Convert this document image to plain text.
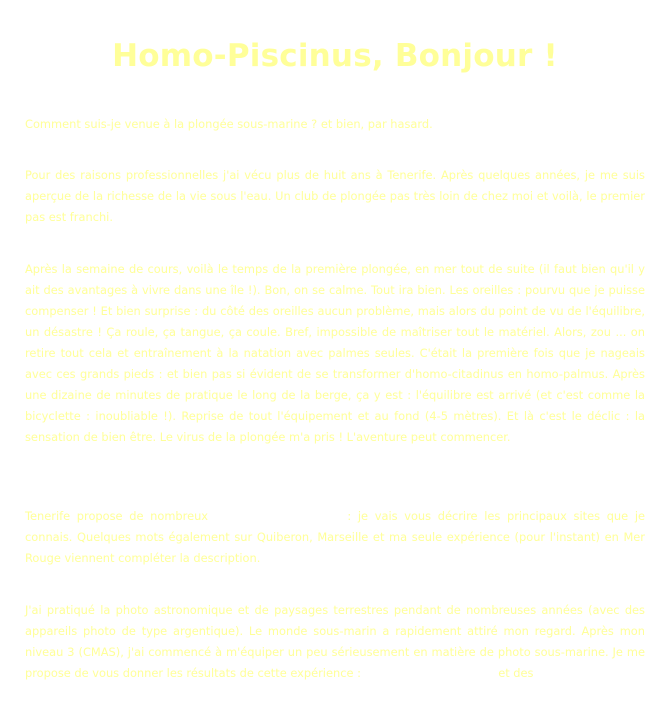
Homo-Piscinus, Bonjour !

Comment suis-je venue à la plongée sous-marine ? et bien, par hasard.

Pour des raisons professionnelles j'ai vécu plus de huit ans à Tenerife. Après quelques années, je me suis aperçue de la richesse de la vie sous l'eau. Un club de plongée pas très loin de chez moi et voilà, le premier pas est franchi.

Après la semaine de cours, voilà le temps de la première plongée, en mer tout de suite (il faut bien qu'il y ait des avantages à vivre dans une île !). Bon, on se calme. Tout ira bien. Les oreilles : pourvu que je puisse compenser ! Et bien surprise : du côté des oreilles aucun problème, mais alors du point de vu de l'équilibre, un désastre ! Ça roule, ça tangue, ça coule. Bref, impossible de maîtriser tout le matériel. Alors, zou ... on retire tout cela et entraînement à la natation avec palmes seules. C'était la première fois que je nageais avec ces grands pieds : et bien pas si évident de se transformer d'homo-citadinus en homo-palmus. Après une dizaine de minutes de pratique le long de la berge, ça y est : l'équilibre est arrivé (et c'est comme la bicyclette : inoubliable !). Reprise de tout l'équipement et au fond (4-5 mètres). Et là c'est le déclic : la sensation de bien être. Le virus de la plongée m'a pris ! L'aventure peut commencer.

Tenerife propose de nombreux	: je vais vous décrire les principaux sites que je connais. Quelques mots également sur Quiberon, Marseille et ma seule expérience (pour l'instant) en Mer Rouge viennent compléter la description.

J'ai pratiqué la photo astronomique et de paysages terrestres pendant de nombreuses années (avec des appareils photo de type argentique). Le monde sous-marin a rapidement attiré mon regard. Après mon niveau 3 (CMAS), j'ai commencé à m'équiper un peu sérieusement en matière de photo sous-marine. Je me propose de vous donner les résultats de cette expérience :	et des
